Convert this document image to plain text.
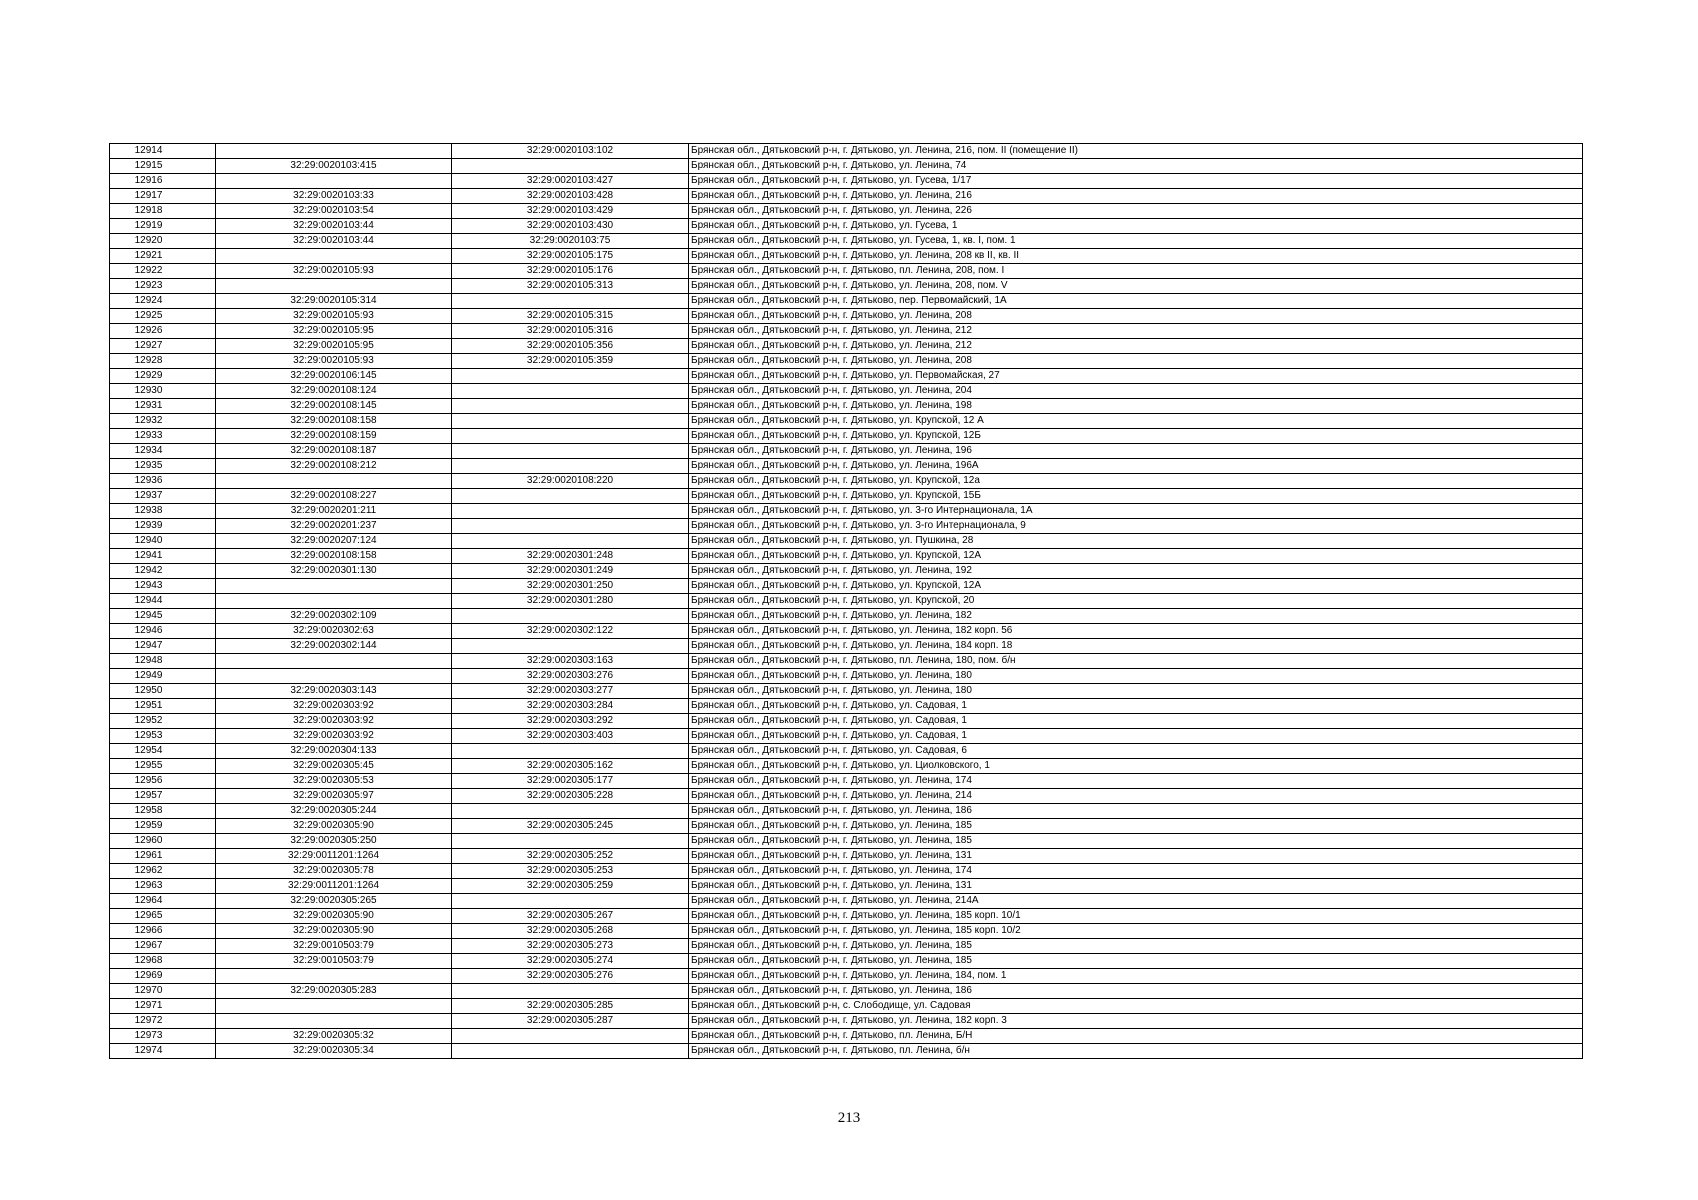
12914		32:29:0020103:102	Брянская обл., Дятьковский р-н, г. Дятьково, ул. Ленина, 216, пом. II (помещение II)
12915	32:29:0020103:415		Брянская обл., Дятьковский р-н, г. Дятьково, ул. Ленина, 74
12916		32:29:0020103:427	Брянская обл., Дятьковский р-н, г. Дятьково, ул. Гусева, 1/17
12917	32:29:0020103:33	32:29:0020103:428	Брянская обл., Дятьковский р-н, г. Дятьково, ул. Ленина, 216
12918	32:29:0020103:54	32:29:0020103:429	Брянская обл., Дятьковский р-н, г. Дятьково, ул. Ленина, 226
12919	32:29:0020103:44	32:29:0020103:430	Брянская обл., Дятьковский р-н, г. Дятьково, ул. Гусева, 1
12920	32:29:0020103:44	32:29:0020103:75	Брянская обл., Дятьковский р-н, г. Дятьково, ул. Гусева, 1, кв. I, пом. 1
12921		32:29:0020105:175	Брянская обл., Дятьковский р-н, г. Дятьково, ул. Ленина, 208 кв II, кв. II
12922	32:29:0020105:93	32:29:0020105:176	Брянская обл., Дятьковский р-н, г. Дятьково, пл. Ленина, 208, пом. I
12923		32:29:0020105:313	Брянская обл., Дятьковский р-н, г. Дятьково, ул. Ленина, 208, пом. V
12924	32:29:0020105:314		Брянская обл., Дятьковский р-н, г. Дятьково, пер. Первомайский, 1А
12925	32:29:0020105:93	32:29:0020105:315	Брянская обл., Дятьковский р-н, г. Дятьково, ул. Ленина, 208
12926	32:29:0020105:95	32:29:0020105:316	Брянская обл., Дятьковский р-н, г. Дятьково, ул. Ленина, 212
12927	32:29:0020105:95	32:29:0020105:356	Брянская обл., Дятьковский р-н, г. Дятьково, ул. Ленина, 212
12928	32:29:0020105:93	32:29:0020105:359	Брянская обл., Дятьковский р-н, г. Дятьково, ул. Ленина, 208
12929	32:29:0020106:145		Брянская обл., Дятьковский р-н, г. Дятьково, ул. Первомайская, 27
12930	32:29:0020108:124		Брянская обл., Дятьковский р-н, г. Дятьково, ул. Ленина, 204
12931	32:29:0020108:145		Брянская обл., Дятьковский р-н, г. Дятьково, ул. Ленина, 198
12932	32:29:0020108:158		Брянская обл., Дятьковский р-н, г. Дятьково, ул. Крупской, 12 А
12933	32:29:0020108:159		Брянская обл., Дятьковский р-н, г. Дятьково, ул. Крупской, 12Б
12934	32:29:0020108:187		Брянская обл., Дятьковский р-н, г. Дятьково, ул. Ленина, 196
12935	32:29:0020108:212		Брянская обл., Дятьковский р-н, г. Дятьково, ул. Ленина, 196А
12936		32:29:0020108:220	Брянская обл., Дятьковский р-н, г. Дятьково, ул. Крупской, 12а
12937	32:29:0020108:227		Брянская обл., Дятьковский р-н, г. Дятьково, ул. Крупской, 15Б
12938	32:29:0020201:211		Брянская обл., Дятьковский р-н, г. Дятьково, ул. 3-го Интернационала, 1А
12939	32:29:0020201:237		Брянская обл., Дятьковский р-н, г. Дятьково, ул. 3-го Интернационала, 9
12940	32:29:0020207:124		Брянская обл., Дятьковский р-н, г. Дятьково, ул. Пушкина, 28
12941	32:29:0020108:158	32:29:0020301:248	Брянская обл., Дятьковский р-н, г. Дятьково, ул. Крупской, 12А
12942	32:29:0020301:130	32:29:0020301:249	Брянская обл., Дятьковский р-н, г. Дятьково, ул. Ленина, 192
12943		32:29:0020301:250	Брянская обл., Дятьковский р-н, г. Дятьково, ул. Крупской, 12А
12944		32:29:0020301:280	Брянская обл., Дятьковский р-н, г. Дятьково, ул. Крупской, 20
12945	32:29:0020302:109		Брянская обл., Дятьковский р-н, г. Дятьково, ул. Ленина, 182
12946	32:29:0020302:63	32:29:0020302:122	Брянская обл., Дятьковский р-н, г. Дятьково, ул. Ленина, 182 корп. 56
12947	32:29:0020302:144		Брянская обл., Дятьковский р-н, г. Дятьково, ул. Ленина, 184 корп. 18
12948		32:29:0020303:163	Брянская обл., Дятьковский р-н, г. Дятьково, пл. Ленина, 180, пом. б/н
12949		32:29:0020303:276	Брянская обл., Дятьковский р-н, г. Дятьково, ул. Ленина, 180
12950	32:29:0020303:143	32:29:0020303:277	Брянская обл., Дятьковский р-н, г. Дятьково, ул. Ленина, 180
12951	32:29:0020303:92	32:29:0020303:284	Брянская обл., Дятьковский р-н, г. Дятьково, ул. Садовая, 1
12952	32:29:0020303:92	32:29:0020303:292	Брянская обл., Дятьковский р-н, г. Дятьково, ул. Садовая, 1
12953	32:29:0020303:92	32:29:0020303:403	Брянская обл., Дятьковский р-н, г. Дятьково, ул. Садовая, 1
12954	32:29:0020304:133		Брянская обл., Дятьковский р-н, г. Дятьково, ул. Садовая, 6
12955	32:29:0020305:45	32:29:0020305:162	Брянская обл., Дятьковский р-н, г. Дятьково, ул. Циолковского, 1
12956	32:29:0020305:53	32:29:0020305:177	Брянская обл., Дятьковский р-н, г. Дятьково, ул. Ленина, 174
12957	32:29:0020305:97	32:29:0020305:228	Брянская обл., Дятьковский р-н, г. Дятьково, ул. Ленина, 214
12958	32:29:0020305:244		Брянская обл., Дятьковский р-н, г. Дятьково, ул. Ленина, 186
12959	32:29:0020305:90	32:29:0020305:245	Брянская обл., Дятьковский р-н, г. Дятьково, ул. Ленина, 185
12960	32:29:0020305:250		Брянская обл., Дятьковский р-н, г. Дятьково, ул. Ленина, 185
12961	32:29:0011201:1264	32:29:0020305:252	Брянская обл., Дятьковский р-н, г. Дятьково, ул. Ленина, 131
12962	32:29:0020305:78	32:29:0020305:253	Брянская обл., Дятьковский р-н, г. Дятьково, ул. Ленина, 174
12963	32:29:0011201:1264	32:29:0020305:259	Брянская обл., Дятьковский р-н, г. Дятьково, ул. Ленина, 131
12964	32:29:0020305:265		Брянская обл., Дятьковский р-н, г. Дятьково, ул. Ленина, 214А
12965	32:29:0020305:90	32:29:0020305:267	Брянская обл., Дятьковский р-н, г. Дятьково, ул. Ленина, 185 корп. 10/1
12966	32:29:0020305:90	32:29:0020305:268	Брянская обл., Дятьковский р-н, г. Дятьково, ул. Ленина, 185 корп. 10/2
12967	32:29:0010503:79	32:29:0020305:273	Брянская обл., Дятьковский р-н, г. Дятьково, ул. Ленина, 185
12968	32:29:0010503:79	32:29:0020305:274	Брянская обл., Дятьковский р-н, г. Дятьково, ул. Ленина, 185
12969		32:29:0020305:276	Брянская обл., Дятьковский р-н, г. Дятьково, ул. Ленина, 184, пом. 1
12970	32:29:0020305:283		Брянская обл., Дятьковский р-н, г. Дятьково, ул. Ленина, 186
12971		32:29:0020305:285	Брянская обл., Дятьковский р-н, с. Слободище, ул. Садовая
12972		32:29:0020305:287	Брянская обл., Дятьковский р-н, г. Дятьково, ул. Ленина, 182 корп. 3
12973	32:29:0020305:32		Брянская обл., Дятьковский р-н, г. Дятьково, пл. Ленина, Б/Н
12974	32:29:0020305:34		Брянская обл., Дятьковский р-н, г. Дятьково, пл. Ленина, б/н
213
